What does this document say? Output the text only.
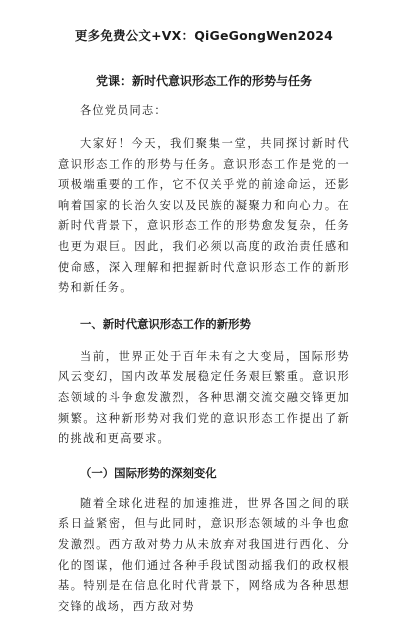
更多免费公文+VX：QiGeGongWen2024
党课：新时代意识形态工作的形势与任务
各位党员同志：

大家好！今天，我们聚集一堂，共同探讨新时代意识形态工作的形势与任务。意识形态工作是党的一项极端重要的工作，它不仅关乎党的前途命运，还影响着国家的长治久安以及民族的凝聚力和向心力。在新时代背景下，意识形态工作的形势愈发复杂，任务也更为艰巨。因此，我们必须以高度的政治责任感和使命感，深入理解和把握新时代意识形态工作的新形势和新任务。

一、新时代意识形态工作的新形势

当前，世界正处于百年未有之大变局，国际形势风云变幻，国内改革发展稳定任务艰巨繁重。意识形态领域的斗争愈发激烈，各种思潮交流交融交锋更加频繁。这种新形势对我们党的意识形态工作提出了新的挑战和更高要求。

（一）国际形势的深刻变化

随着全球化进程的加速推进，世界各国之间的联系日益紧密，但与此同时，意识形态领域的斗争也愈发激烈。西方敌对势力从未放弃对我国进行西化、分化的图谋，他们通过各种手段试图动摇我们的政权根基。特别是在信息化时代背景下，网络成为各种思想交锋的战场，西方敌对势
